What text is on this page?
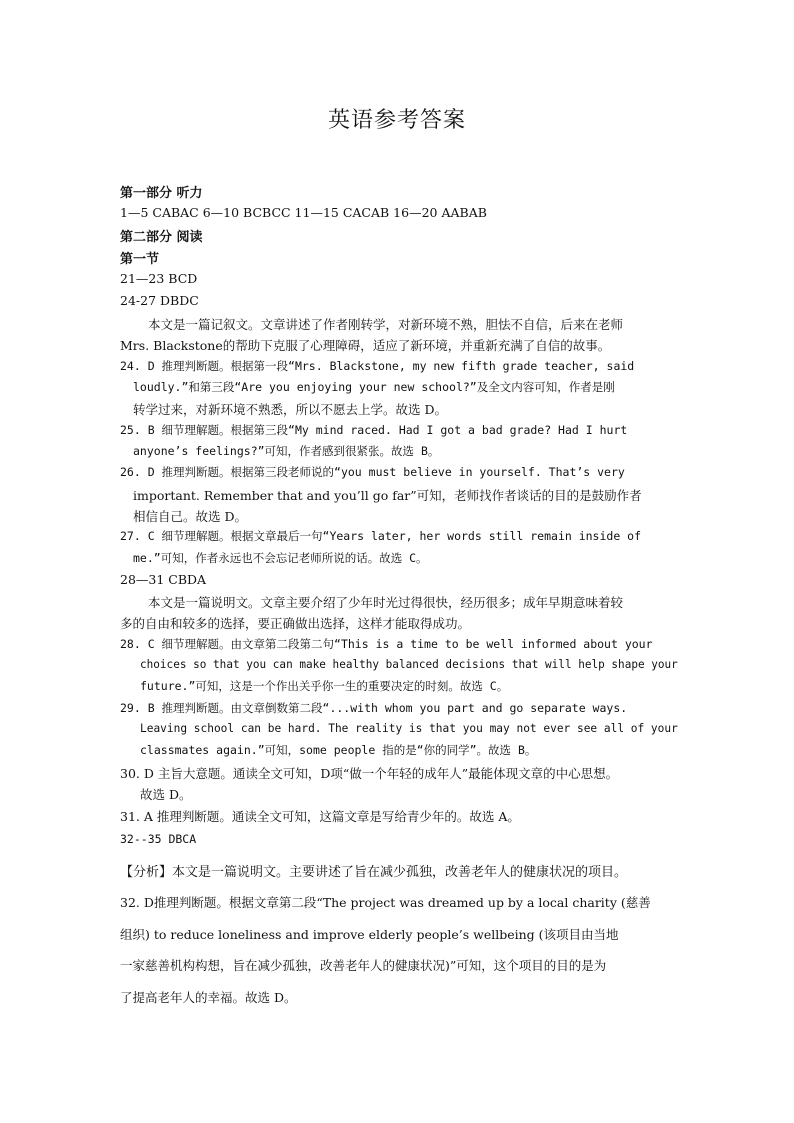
英语参考答案
第一部分 听力
1—5 CABAC 6—10 BCBCC 11—15 CACAB 16—20 AABAB
第二部分 阅读
第一节
21—23 BCD
24-27 DBDC
本文是一篇记叙文。文章讲述了作者刚转学，对新环境不熟，胆怯不自信，后来在老师
Mrs. Blackstone的帮助下克服了心理障碍，适应了新环境，并重新充满了自信的故事。
24. D 推理判断题。根据第一段“Mrs. Blackstone, my new fifth grade teacher, said
loudly.”和第三段“Are you enjoying your new school?”及全文内容可知，作者是刚
转学过来，对新环境不熟悉，所以不愿去上学。故选 D。
25. B 细节理解题。根据第三段“My mind raced. Had I got a bad grade? Had I hurt
anyone’s feelings?”可知，作者感到很紧张。故选 B。
26. D 推理判断题。根据第三段老师说的“you must believe in yourself. That’s very
important. Remember that and you’ll go far”可知，老师找作者谈话的目的是鼓励作者
相信自己。故选 D。
27. C 细节理解题。根据文章最后一句“Years later, her words still remain inside of
me.”可知，作者永远也不会忘记老师所说的话。故选 C。
28—31 CBDA
本文是一篇说明文。文章主要介绍了少年时光过得很快，经历很多；成年早期意味着较
多的自由和较多的选择，要正确做出选择，这样才能取得成功。
28. C 细节理解题。由文章第二段第二句“This is a time to be well informed about your
choices so that you can make healthy balanced decisions that will help shape your
future.”可知，这是一个作出关乎你一生的重要决定的时刻。故选 C。
29. B 推理判断题。由文章倒数第二段“...with whom you part and go separate ways.
Leaving school can be hard. The reality is that you may not ever see all of your
classmates again.”可知，some people 指的是“你的同学”。故选 B。
30. D 主旨大意题。通读全文可知，D项“做一个年轻的成年人”最能体现文章的中心思想。
故选 D。
31. A 推理判断题。通读全文可知，这篇文章是写给青少年的。故选 A。
32--35 DBCA
【分析】本文是一篇说明文。主要讲述了旨在减少孤独，改善老年人的健康状况的项目。
32. D推理判断题。根据文章第二段“The project was dreamed up by a local charity (慈善
组织) to reduce loneliness and improve elderly people’s wellbeing (该项目由当地
一家慈善机构构想，旨在减少孤独，改善老年人的健康状况)”可知，这个项目的目的是为
了提高老年人的幸福。故选 D。
